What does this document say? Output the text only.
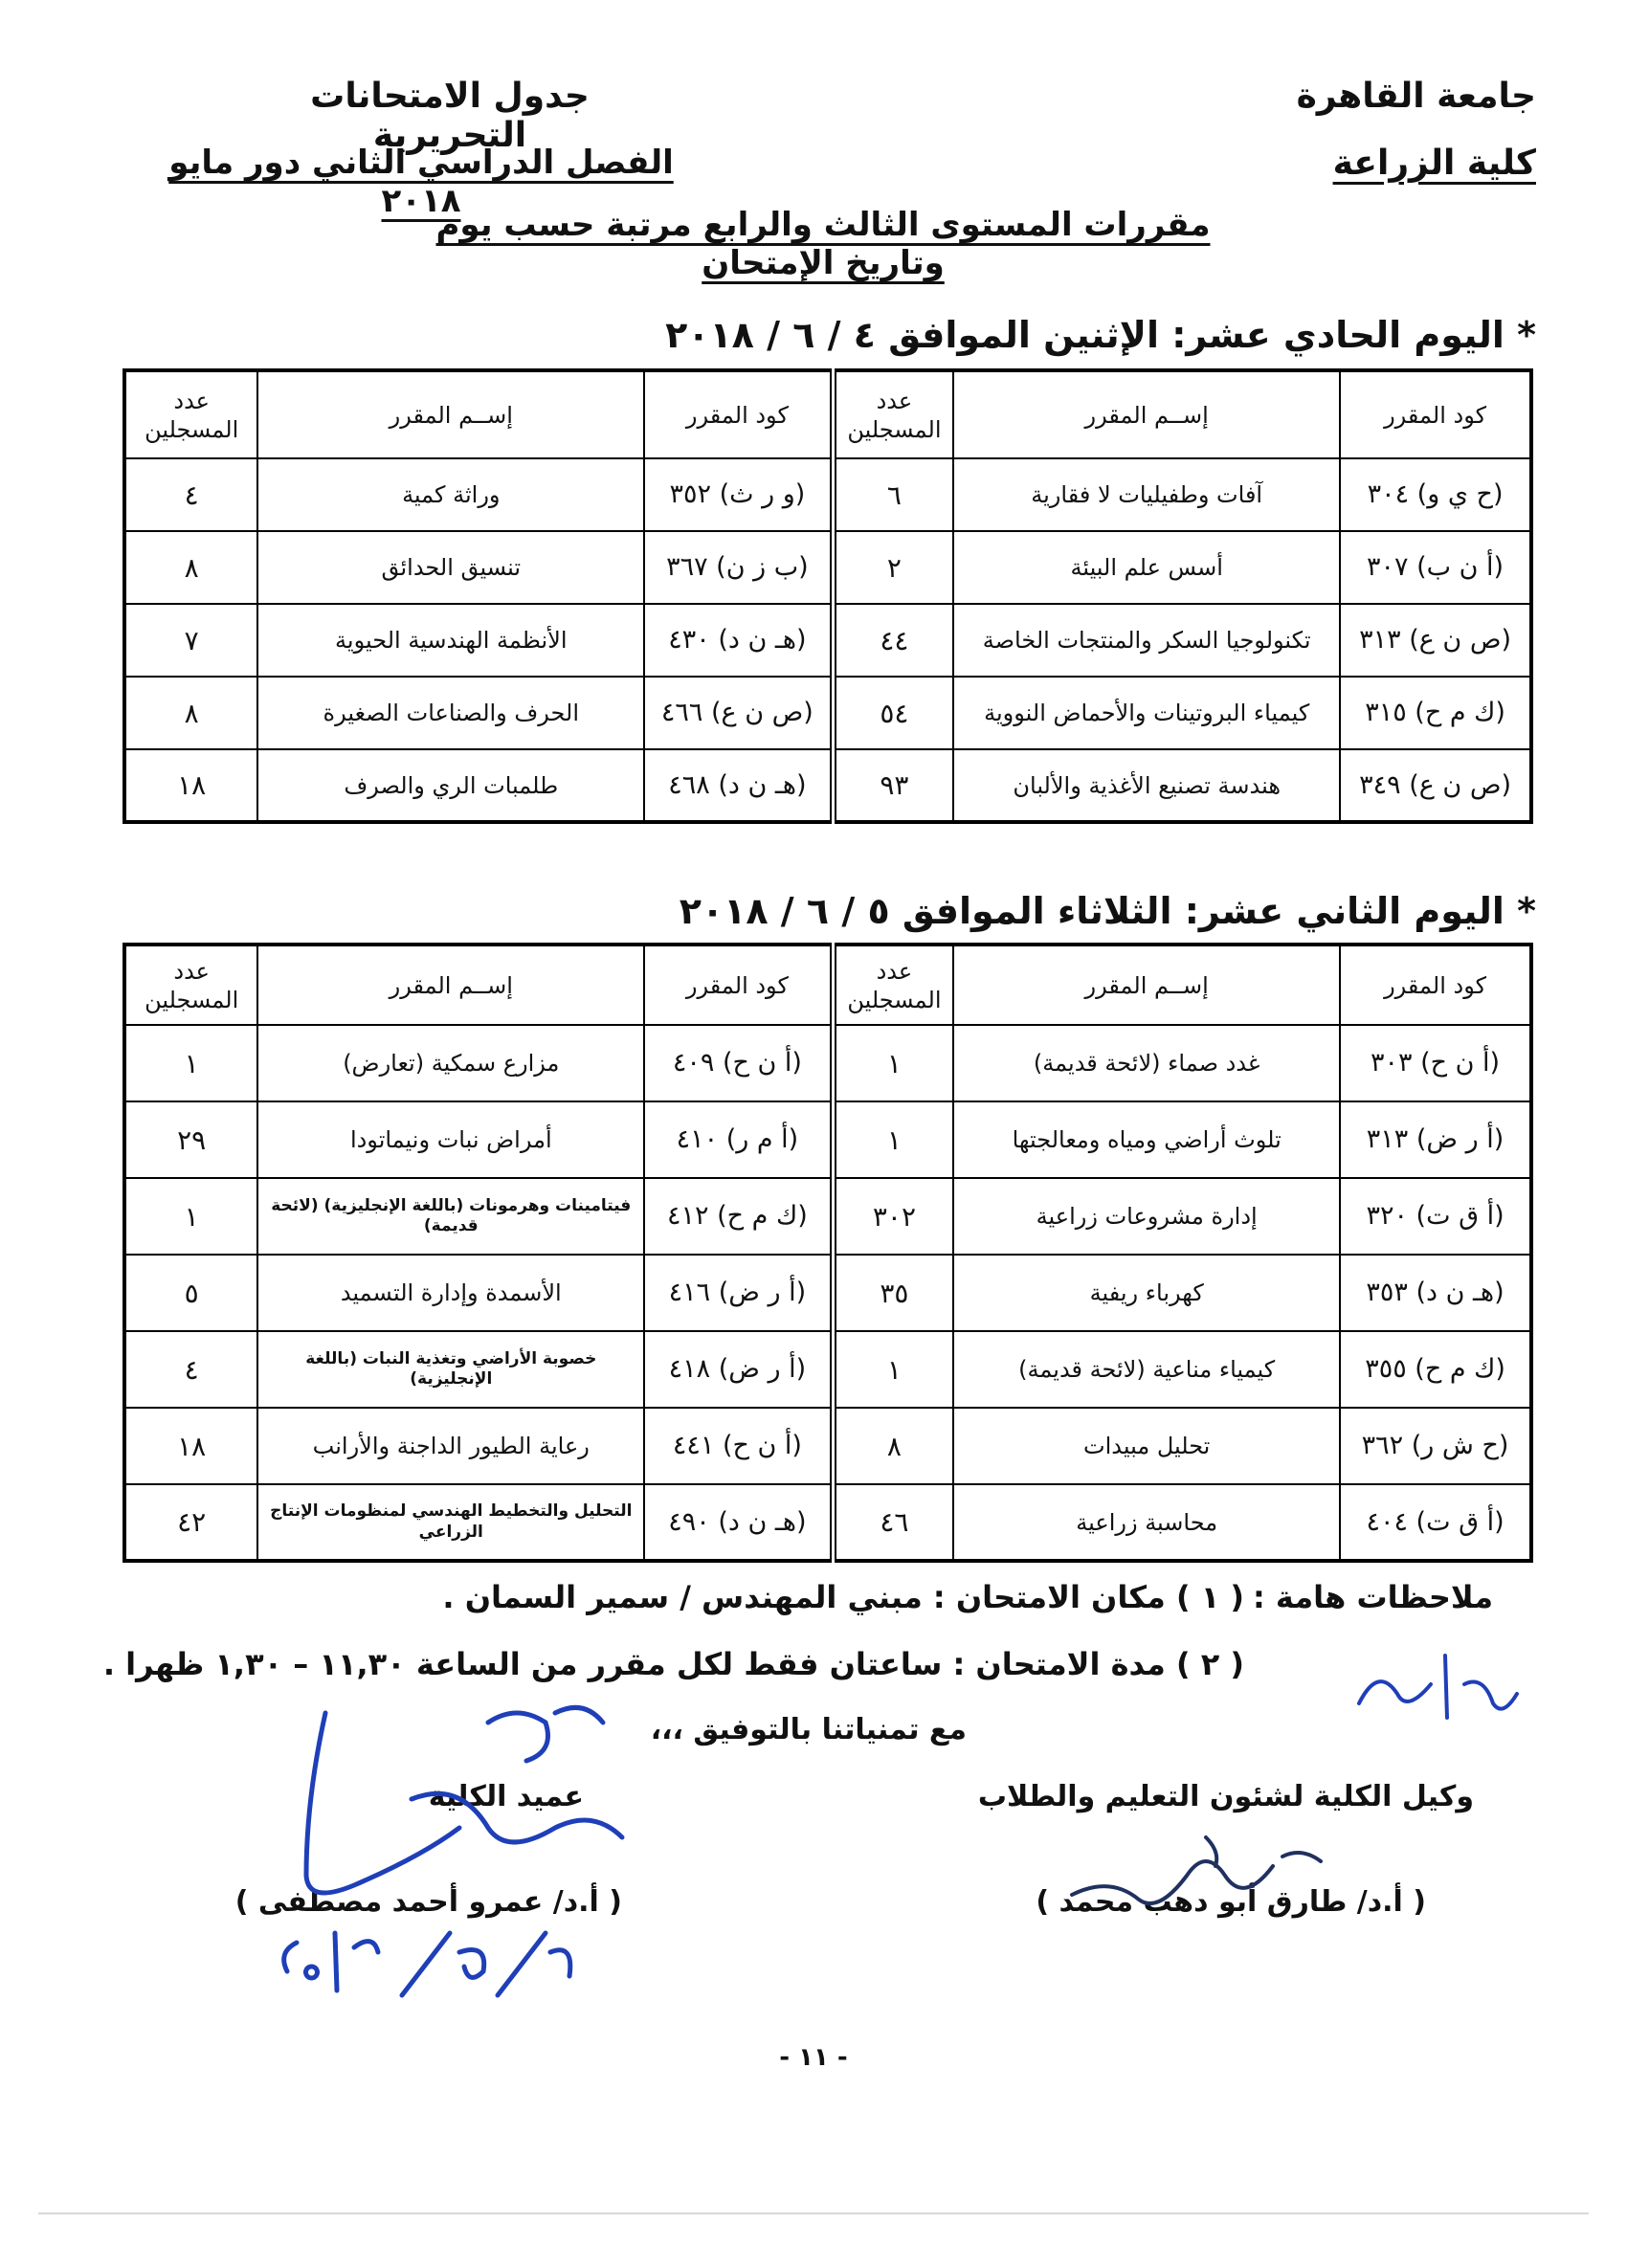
جامعة القاهرة
كلية الزراعة
جدول الامتحانات التحريرية
الفصل الدراسي الثاني دور مايو ٢٠١٨
مقررات المستوى الثالث والرابع مرتبة حسب يوم وتاريخ الإمتحان
* اليوم الحادي عشر: الإثنين الموافق ٤ / ٦ / ٢٠١٨
كود المقرر	إســم المقرر	عدد المسجلين	كود المقرر	إســم المقرر	عدد المسجلين
(ح ي و) ٣٠٤	آفات وطفيليات لا فقارية	٦	(و ر ث) ٣٥٢	وراثة كمية	٤
(أ ن ب) ٣٠٧	أسس علم البيئة	٢	(ب ز ن) ٣٦٧	تنسيق الحدائق	٨
(ص ن ع) ٣١٣	تكنولوجيا السكر والمنتجات الخاصة	٤٤	(هـ ن د) ٤٣٠	الأنظمة الهندسية الحيوية	٧
(ك م ح) ٣١٥	كيمياء البروتينات والأحماض النووية	٥٤	(ص ن ع) ٤٦٦	الحرف والصناعات الصغيرة	٨
(ص ن ع) ٣٤٩	هندسة تصنيع الأغذية والألبان	٩٣	(هـ ن د) ٤٦٨	طلمبات الري والصرف	١٨
* اليوم الثاني عشر: الثلاثاء الموافق ٥ / ٦ / ٢٠١٨
كود المقرر	إســم المقرر	عدد المسجلين	كود المقرر	إســم المقرر	عدد المسجلين
(أ ن ح) ٣٠٣	غدد صماء (لائحة قديمة)	١	(أ ن ح) ٤٠٩	مزارع سمكية (تعارض)	١
(أ ر ض) ٣١٣	تلوث أراضي ومياه ومعالجتها	١	(أ م ر) ٤١٠	أمراض نبات ونيماتودا	٢٩
(أ ق ت) ٣٢٠	إدارة مشروعات زراعية	٣٠٢	(ك م ح) ٤١٢	فيتامينات وهرمونات (باللغة الإنجليزية) (لائحة قديمة)	١
(هـ ن د) ٣٥٣	كهرباء ريفية	٣٥	(أ ر ض) ٤١٦	الأسمدة وإدارة التسميد	٥
(ك م ح) ٣٥٥	كيمياء مناعية (لائحة قديمة)	١	(أ ر ض) ٤١٨	خصوبة الأراضي وتغذية النبات (باللغة الإنجليزية)	٤
(ح ش ر) ٣٦٢	تحليل مبيدات	٨	(أ ن ح) ٤٤١	رعاية الطيور الداجنة والأرانب	١٨
(أ ق ت) ٤٠٤	محاسبة زراعية	٤٦	(هـ ن د) ٤٩٠	التحليل والتخطيط الهندسي لمنظومات الإنتاج الزراعي	٤٢
ملاحظات هامة :
( ١ ) مكان الامتحان : مبني المهندس / سمير السمان .
( ٢ ) مدة الامتحان : ساعتان فقط لكل مقرر من الساعة ١١,٣٠ – ١,٣٠ ظهرا .
مع تمنياتنا بالتوفيق ،،،
وكيل الكلية لشئون التعليم والطلاب
عميد الكلية
( أ.د/ طارق أبو دهب محمد )
( أ.د/ عمرو أحمد مصطفى )
- ١١ -
